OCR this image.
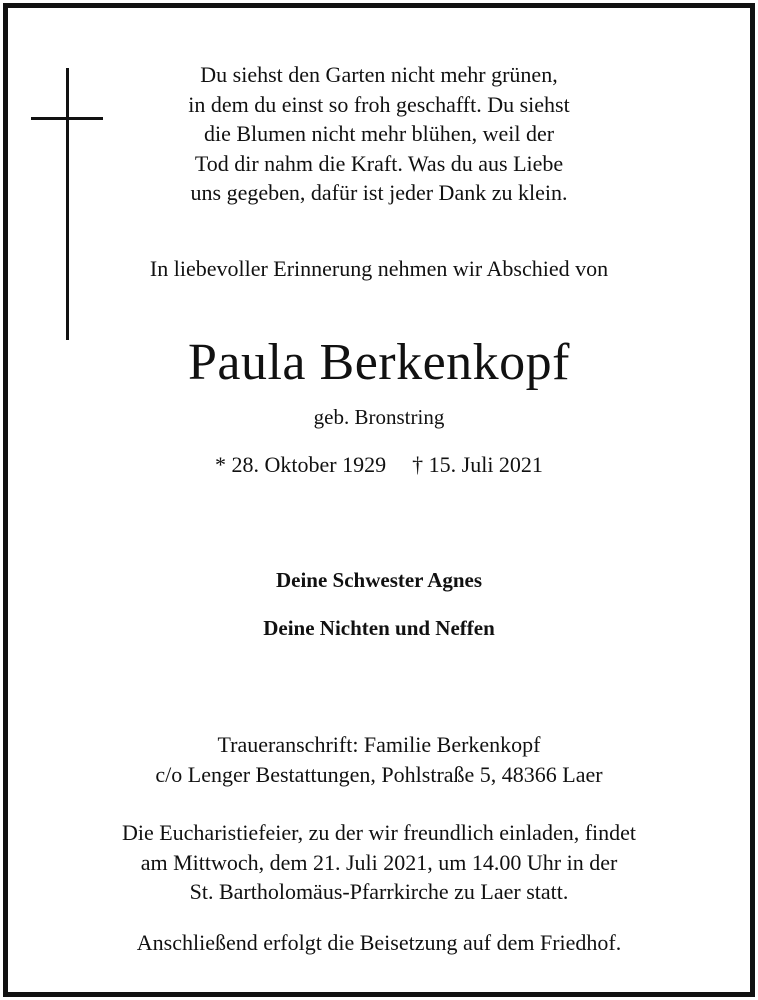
Du siehst den Garten nicht mehr grünen,
in dem du einst so froh geschafft. Du siehst
die Blumen nicht mehr blühen, weil der
Tod dir nahm die Kraft. Was du aus Liebe
uns gegeben, dafür ist jeder Dank zu klein.
In liebevoller Erinnerung nehmen wir Abschied von
Paula Berkenkopf
geb. Bronstring
* 28. Oktober 1929 † 15. Juli 2021
Deine Schwester Agnes
Deine Nichten und Neffen
Traueranschrift: Familie Berkenkopf
c/o Lenger Bestattungen, Pohlstraße 5, 48366 Laer
Die Eucharistiefeier, zu der wir freundlich einladen, findet
am Mittwoch, dem 21. Juli 2021, um 14.00 Uhr in der
St. Bartholomäus-Pfarrkirche zu Laer statt.
Anschließend erfolgt die Beisetzung auf dem Friedhof.
